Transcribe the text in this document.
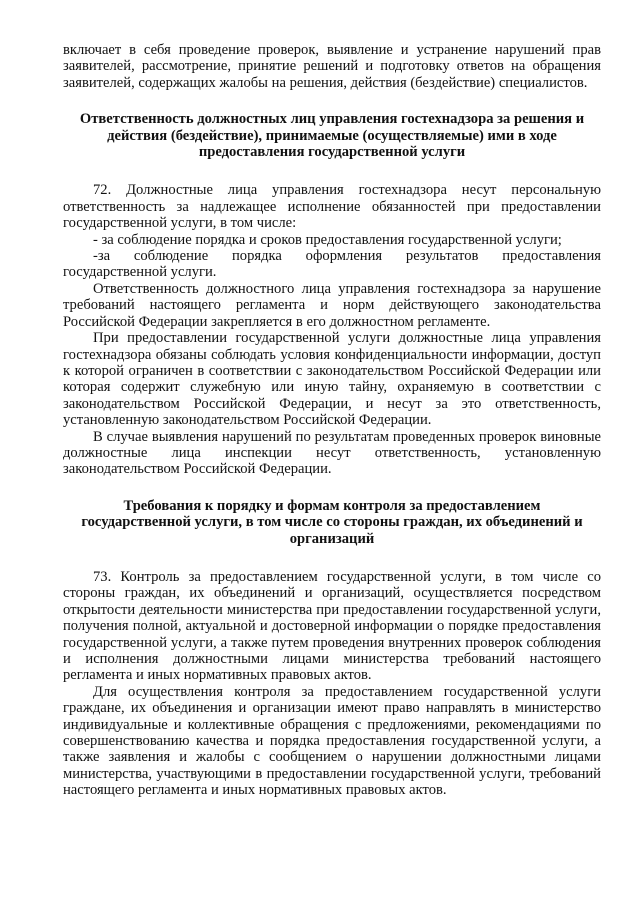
включает в себя проведение проверок, выявление и устранение нарушений прав заявителей, рассмотрение, принятие решений и подготовку ответов на обращения заявителей, содержащих жалобы на решения, действия (бездействие) специалистов.

Ответственность должностных лиц управления гостехнадзора за решения и действия (бездействие), принимаемые (осуществляемые) ими в ходе предоставления государственной услуги

72. Должностные лица управления гостехнадзора несут персональную ответственность за надлежащее исполнение обязанностей при предоставлении государственной услуги, в том числе:

- за соблюдение порядка и сроков предоставления государственной услуги;

-за соблюдение порядка оформления результатов предоставления государственной услуги.

Ответственность должностного лица управления гостехнадзора за нарушение требований настоящего регламента и норм действующего законодательства Российской Федерации закрепляется в его должностном регламенте.

При предоставлении государственной услуги должностные лица управления гостехнадзора обязаны соблюдать условия конфиденциальности информации, доступ к которой ограничен в соответствии с законодательством Российской Федерации или которая содержит служебную или иную тайну, охраняемую в соответствии с законодательством Российской Федерации, и несут за это ответственность, установленную законодательством Российской Федерации.

В случае выявления нарушений по результатам проведенных проверок виновные должностные лица инспекции несут ответственность, установленную законодательством Российской Федерации.

Требования к порядку и формам контроля за предоставлением государственной услуги, в том числе со стороны граждан, их объединений и организаций

73. Контроль за предоставлением государственной услуги, в том числе со стороны граждан, их объединений и организаций, осуществляется посредством открытости деятельности министерства при предоставлении государственной услуги, получения полной, актуальной и достоверной информации о порядке предоставления государственной услуги, а также путем проведения внутренних проверок соблюдения и исполнения должностными лицами министерства требований настоящего регламента и иных нормативных правовых актов.

Для осуществления контроля за предоставлением государственной услуги граждане, их объединения и организации имеют право направлять в министерство индивидуальные и коллективные обращения с предложениями, рекомендациями по совершенствованию качества и порядка предоставления государственной услуги, а также заявления и жалобы с сообщением о нарушении должностными лицами министерства, участвующими в предоставлении государственной услуги, требований настоящего регламента и иных нормативных правовых актов.
